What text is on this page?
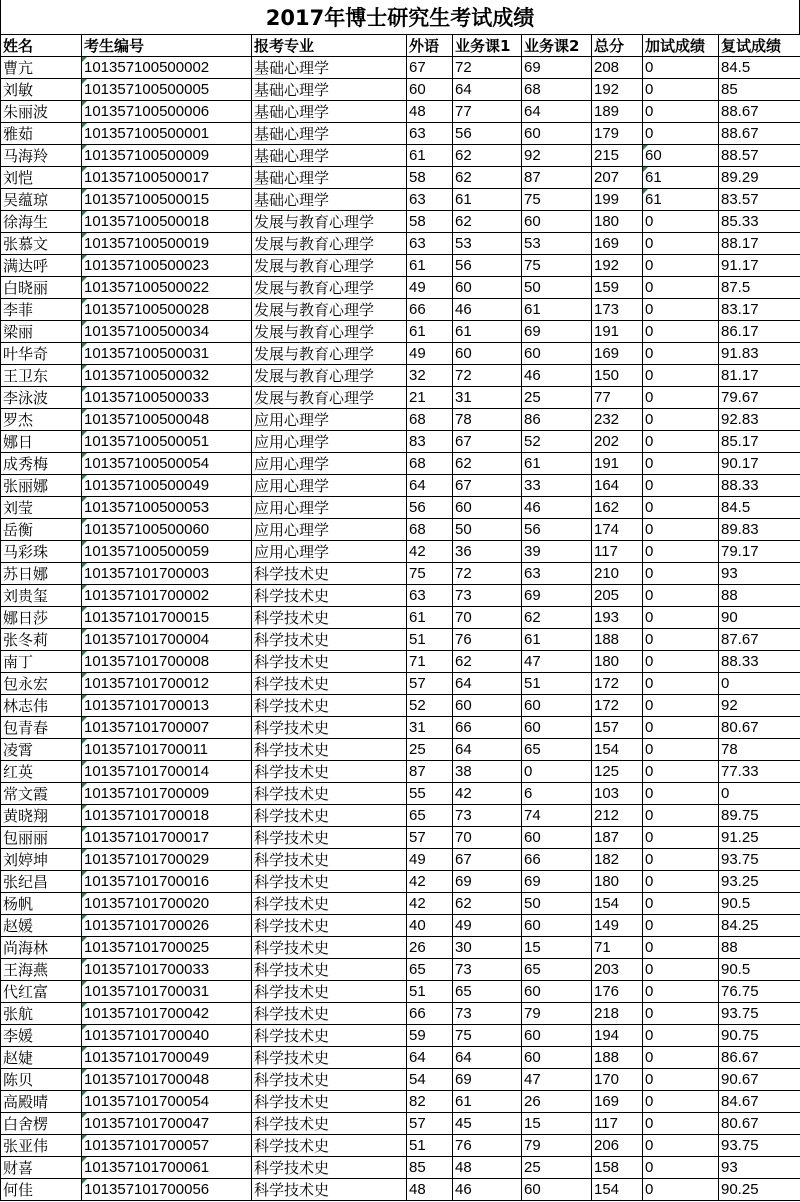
2017年博士研究生考试成绩
姓名	考生编号	报考专业	外语	业务课1	业务课2	总分	加试成绩	复试成绩
曹亢	101357100500002	基础心理学	67	72	69	208	0	84.5
刘敏	101357100500005	基础心理学	60	64	68	192	0	85
朱丽波	101357100500006	基础心理学	48	77	64	189	0	88.67
雅茹	101357100500001	基础心理学	63	56	60	179	0	88.67
马海羚	101357100500009	基础心理学	61	62	92	215	60	88.57
刘恺	101357100500017	基础心理学	58	62	87	207	61	89.29
吴蕴琼	101357100500015	基础心理学	63	61	75	199	61	83.57
徐海生	101357100500018	发展与教育心理学	58	62	60	180	0	85.33
张慕文	101357100500019	发展与教育心理学	63	53	53	169	0	88.17
满达呼	101357100500023	发展与教育心理学	61	56	75	192	0	91.17
白晓丽	101357100500022	发展与教育心理学	49	60	50	159	0	87.5
李菲	101357100500028	发展与教育心理学	66	46	61	173	0	83.17
梁丽	101357100500034	发展与教育心理学	61	61	69	191	0	86.17
叶华奇	101357100500031	发展与教育心理学	49	60	60	169	0	91.83
王卫东	101357100500032	发展与教育心理学	32	72	46	150	0	81.17
李泳波	101357100500033	发展与教育心理学	21	31	25	77	0	79.67
罗杰	101357100500048	应用心理学	68	78	86	232	0	92.83
娜日	101357100500051	应用心理学	83	67	52	202	0	85.17
成秀梅	101357100500054	应用心理学	68	62	61	191	0	90.17
张丽娜	101357100500049	应用心理学	64	67	33	164	0	88.33
刘莹	101357100500053	应用心理学	56	60	46	162	0	84.5
岳衡	101357100500060	应用心理学	68	50	56	174	0	89.83
马彩珠	101357100500059	应用心理学	42	36	39	117	0	79.17
苏日娜	101357101700003	科学技术史	75	72	63	210	0	93
刘贵玺	101357101700002	科学技术史	63	73	69	205	0	88
娜日莎	101357101700015	科学技术史	61	70	62	193	0	90
张冬莉	101357101700004	科学技术史	51	76	61	188	0	87.67
南丁	101357101700008	科学技术史	71	62	47	180	0	88.33
包永宏	101357101700012	科学技术史	57	64	51	172	0	0
林志伟	101357101700013	科学技术史	52	60	60	172	0	92
包青春	101357101700007	科学技术史	31	66	60	157	0	80.67
凌霄	101357101700011	科学技术史	25	64	65	154	0	78
红英	101357101700014	科学技术史	87	38	0	125	0	77.33
常文霞	101357101700009	科学技术史	55	42	6	103	0	0
黄晓翔	101357101700018	科学技术史	65	73	74	212	0	89.75
包丽丽	101357101700017	科学技术史	57	70	60	187	0	91.25
刘婷坤	101357101700029	科学技术史	49	67	66	182	0	93.75
张纪昌	101357101700016	科学技术史	42	69	69	180	0	93.25
杨帆	101357101700020	科学技术史	42	62	50	154	0	90.5
赵媛	101357101700026	科学技术史	40	49	60	149	0	84.25
尚海林	101357101700025	科学技术史	26	30	15	71	0	88
王海燕	101357101700033	科学技术史	65	73	65	203	0	90.5
代红富	101357101700031	科学技术史	51	65	60	176	0	76.75
张航	101357101700042	科学技术史	66	73	79	218	0	93.75
李媛	101357101700040	科学技术史	59	75	60	194	0	90.75
赵婕	101357101700049	科学技术史	64	64	60	188	0	86.67
陈贝	101357101700048	科学技术史	54	69	47	170	0	90.67
高殿晴	101357101700054	科学技术史	82	61	26	169	0	84.67
白舍楞	101357101700047	科学技术史	57	45	15	117	0	80.67
张亚伟	101357101700057	科学技术史	51	76	79	206	0	93.75
财喜	101357101700061	科学技术史	85	48	25	158	0	93
何佳	101357101700056	科学技术史	48	46	60	154	0	90.25
